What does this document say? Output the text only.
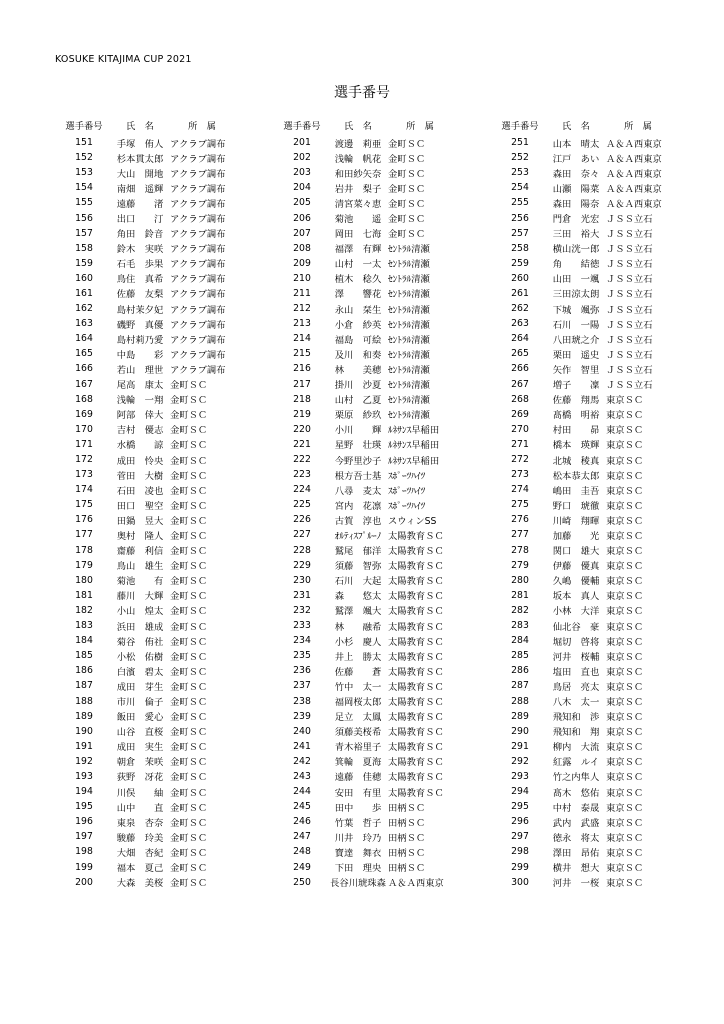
KOSUKE KITAJIMA CUP 2021
選手番号
選手番号	氏　名	所　属
151	手塚　侑人 アクラブ調布
152	杉本貫太郎 アクラブ調布
153	大山　開地 アクラブ調布
154	南畑　遥輝 アクラブ調布
155	遠藤　　渚 アクラブ調布
156	出口　　汀 アクラブ調布
157	角田　鈴音 アクラブ調布
158	鈴木　実咲 アクラブ調布
159	石毛　歩果 アクラブ調布
160	鳥住　真希 アクラブ調布
161	佐藤　友梨 アクラブ調布
162	島村茉夕妃 アクラブ調布
163	磯野　真優 アクラブ調布
164	島村莉乃愛 アクラブ調布
165	中島　　彩 アクラブ調布
166	若山　理世 アクラブ調布
167	尾高　康太 金町ＳＣ
168	浅輪　一翔 金町ＳＣ
169	阿部　倖大 金町ＳＣ
170	吉村　優志 金町ＳＣ
171	水橋　　諒 金町ＳＣ
172	成田　怜央 金町ＳＣ
173	菅田　大樹 金町ＳＣ
174	石田　凌也 金町ＳＣ
175	田口　聖空 金町ＳＣ
176	田鍋　昱大 金町ＳＣ
177	奥村　隆人 金町ＳＣ
178	齋藤　利信 金町ＳＣ
179	鳥山　雄生 金町ＳＣ
180	菊池　　有 金町ＳＣ
181	藤川　大輝 金町ＳＣ
182	小山　煌太 金町ＳＣ
183	浜田　雄成 金町ＳＣ
184	菊谷　侑社 金町ＳＣ
185	小松　佑樹 金町ＳＣ
186	白濱　碧太 金町ＳＣ
187	成田　芽生 金町ＳＣ
188	市川　倫子 金町ＳＣ
189	飯田　愛心 金町ＳＣ
190	山谷　直桜 金町ＳＣ
191	成田　実生 金町ＳＣ
192	朝倉　茉咲 金町ＳＣ
193	荻野　冴花 金町ＳＣ
194	川俣　　紬 金町ＳＣ
195	山中　　直 金町ＳＣ
196	東泉　杏奈 金町ＳＣ
197	駿藤　玲美 金町ＳＣ
198	大畑　杏紀 金町ＳＣ
199	福本　夏己 金町ＳＣ
200	大森　美桜 金町ＳＣ
選手番号	氏　名	所　属
201	渡邊　莉亜 金町ＳＣ
202	浅輪　帆花 金町ＳＣ
203	和田紗矢奈 金町ＳＣ
204	岩井　梨子 金町ＳＣ
205	清宮菜々恵 金町ＳＣ
206	菊池　　遥 金町ＳＣ
207	岡田　七海 金町ＳＣ
208	福澤　有輝 ｾﾝﾄﾗﾙ清瀬
209	山村　一太 ｾﾝﾄﾗﾙ清瀬
210	植木　稔久 ｾﾝﾄﾗﾙ清瀬
211	澤　　響花 ｾﾝﾄﾗﾙ清瀬
212	永山　栞生 ｾﾝﾄﾗﾙ清瀬
213	小倉　紗英 ｾﾝﾄﾗﾙ清瀬
214	福島　可絵 ｾﾝﾄﾗﾙ清瀬
215	及川　和奏 ｾﾝﾄﾗﾙ清瀬
216	林　　美穂 ｾﾝﾄﾗﾙ清瀬
217	掛川　沙夏 ｾﾝﾄﾗﾙ清瀬
218	山村　乙夏 ｾﾝﾄﾗﾙ清瀬
219	栗原　紗玖 ｾﾝﾄﾗﾙ清瀬
220	小川　　輝 ﾙﾈｻﾝｽ早稲田
221	星野　壮瑛 ﾙﾈｻﾝｽ早稲田
222	今野里沙子 ﾙﾈｻﾝｽ早稲田
223	根方吾士基 ｽﾎﾟｰﾂﾊｲﾂ
224	八尋　麦太 ｽﾎﾟｰﾂﾊｲﾂ
225	宮内　花凛 ｽﾎﾟｰﾂﾊｲﾂ
226	古賀　淳也 スウィンSS
227	ｵﾙﾃｨｽﾌﾟﾙｰﾉ 太陽教育ＳＣ
228	鷲尾　郁洋 太陽教育ＳＣ
229	須藤　智弥 太陽教育ＳＣ
230	石川　大起 太陽教育ＳＣ
231	森　　悠太 太陽教育ＳＣ
232	鷲澤　颯大 太陽教育ＳＣ
233	林　　融希 太陽教育ＳＣ
234	小杉　慶人 太陽教育ＳＣ
235	井上　勝太 太陽教育ＳＣ
236	佐藤　　蒼 太陽教育ＳＣ
237	竹中　太一 太陽教育ＳＣ
238	福岡桜太郎 太陽教育ＳＣ
239	足立　太鳳 太陽教育ＳＣ
240	須藤美桜希 太陽教育ＳＣ
241	青木裕里子 太陽教育ＳＣ
242	箕輪　夏海 太陽教育ＳＣ
243	遠藤　佳穂 太陽教育ＳＣ
244	安田　有里 太陽教育ＳＣ
245	田中　　歩 田柄ＳＣ
246	竹葉　哲子 田柄ＳＣ
247	川井　玲乃 田柄ＳＣ
248	寶達　舞衣 田柄ＳＣ
249	下田　理央 田柄ＳＣ
250	長谷川琥珠森 Ａ＆Ａ西東京
選手番号	氏　名	所　属
251	山本　晴太 Ａ＆Ａ西東京
252	江戸　あい Ａ＆Ａ西東京
253	森田　奈々 Ａ＆Ａ西東京
254	山瀬　陽菜 Ａ＆Ａ西東京
255	森田　陽奈 Ａ＆Ａ西東京
256	門倉　光宏 ＪＳＳ立石
257	三田　裕大 ＪＳＳ立石
258	横山洸一郎 ＪＳＳ立石
259	角　　結徳 ＪＳＳ立石
260	山田　一颯 ＪＳＳ立石
261	三田涼太朗 ＪＳＳ立石
262	下城　颯弥 ＪＳＳ立石
263	石川　一陽 ＪＳＳ立石
264	八田琥之介 ＪＳＳ立石
265	栗田　遥史 ＪＳＳ立石
266	矢作　智里 ＪＳＳ立石
267	増子　　凜 ＪＳＳ立石
268	佐藤　翔馬 東京ＳＣ
269	髙橋　明裕 東京ＳＣ
270	村田　　昴 東京ＳＣ
271	橋本　瑛輝 東京ＳＣ
272	北城　稜真 東京ＳＣ
273	松本恭太郎 東京ＳＣ
274	嶋田　圭吾 東京ＳＣ
275	野口　琥徹 東京ＳＣ
276	川崎　翔暉 東京ＳＣ
277	加藤　　光 東京ＳＣ
278	関口　雄大 東京ＳＣ
279	伊藤　優真 東京ＳＣ
280	久嶋　優輔 東京ＳＣ
281	坂本　真人 東京ＳＣ
282	小林　大洋 東京ＳＣ
283	仙北谷　豪 東京ＳＣ
284	堀切　啓将 東京ＳＣ
285	河井　桜輔 東京ＳＣ
286	塩田　直也 東京ＳＣ
287	鳥居　亮太 東京ＳＣ
288	八木　太一 東京ＳＣ
289	飛知和　渉 東京ＳＣ
290	飛知和　翔 東京ＳＣ
291	柳内　大流 東京ＳＣ
292	紅露　ルイ 東京ＳＣ
293	竹之内隼人 東京ＳＣ
294	髙木　悠佑 東京ＳＣ
295	中村　泰晟 東京ＳＣ
296	武内　武盛 東京ＳＣ
297	徳永　将太 東京ＳＣ
298	澤田　昂佑 東京ＳＣ
299	横井　想大 東京ＳＣ
300	河井　一桜 東京ＳＣ
